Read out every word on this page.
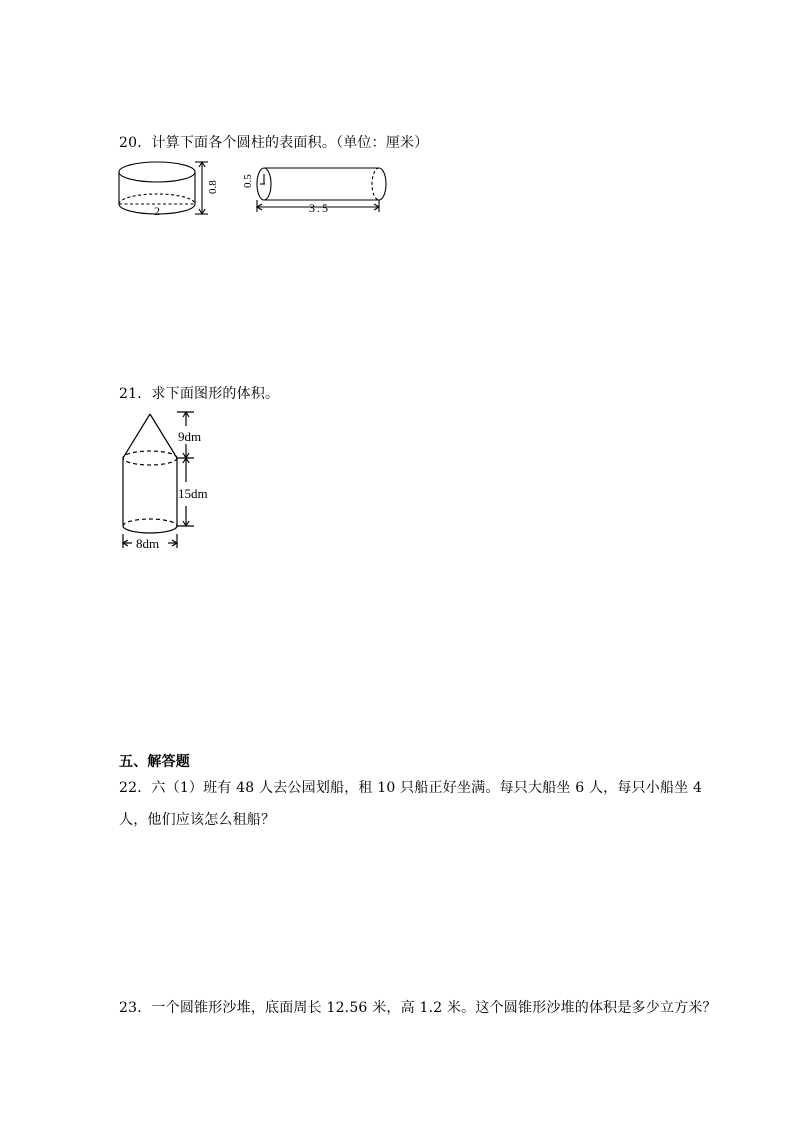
20．计算下面各个圆柱的表面积。（单位：厘米）
2
0.8 0.5
3.5
21．求下面图形的体积。
9dm
15dm
8dm
五、解答题
22．六（1）班有 48 人去公园划船，租 10 只船正好坐满。每只大船坐 6 人，每只小船坐 4
人，他们应该怎么租船？
23．一个圆锥形沙堆，底面周长 12.56 米，高 1.2 米。这个圆锥形沙堆的体积是多少立方米？
